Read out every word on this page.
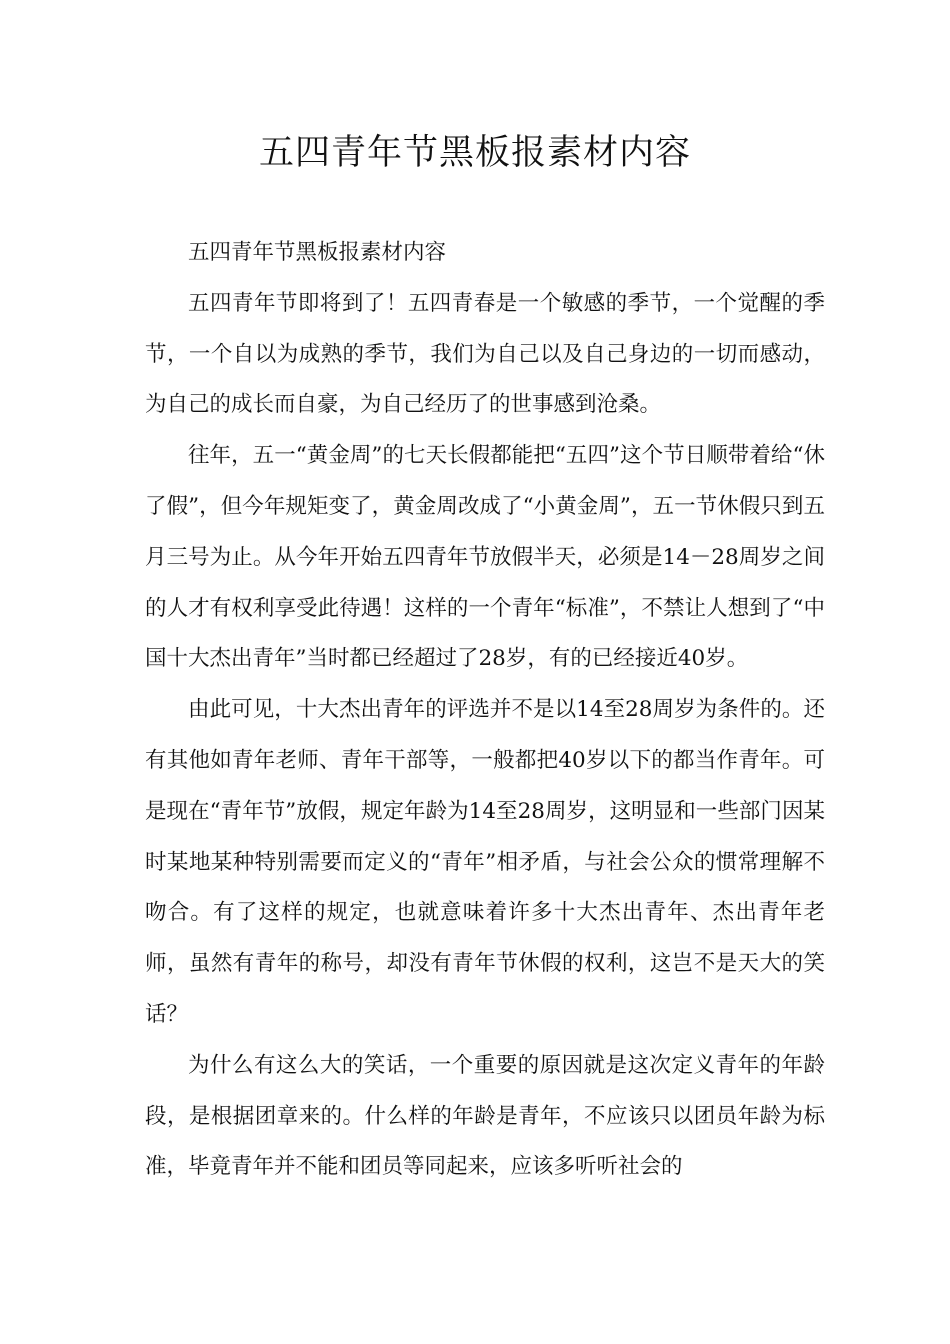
五四青年节黑板报素材内容

五四青年节黑板报素材内容

五四青年节即将到了！五四青春是一个敏感的季节，一个觉醒的季节，一个自以为成熟的季节，我们为自己以及自己身边的一切而感动，为自己的成长而自豪，为自己经历了的世事感到沧桑。

往年，五一“黄金周”的七天长假都能把“五四”这个节日顺带着给“休了假”，但今年规矩变了，黄金周改成了“小黄金周”，五一节休假只到五月三号为止。从今年开始五四青年节放假半天，必须是14－28周岁之间的人才有权利享受此待遇！这样的一个青年“标准”，不禁让人想到了“中国十大杰出青年”当时都已经超过了28岁，有的已经接近40岁。

由此可见，十大杰出青年的评选并不是以14至28周岁为条件的。还有其他如青年老师、青年干部等，一般都把40岁以下的都当作青年。可是现在“青年节”放假，规定年龄为14至28周岁，这明显和一些部门因某时某地某种特别需要而定义的“青年”相矛盾，与社会公众的惯常理解不吻合。有了这样的规定，也就意味着许多十大杰出青年、杰出青年老师，虽然有青年的称号，却没有青年节休假的权利，这岂不是天大的笑话？

为什么有这么大的笑话，一个重要的原因就是这次定义青年的年龄段，是根据团章来的。什么样的年龄是青年，不应该只以团员年龄为标准，毕竟青年并不能和团员等同起来，应该多听听社会的
